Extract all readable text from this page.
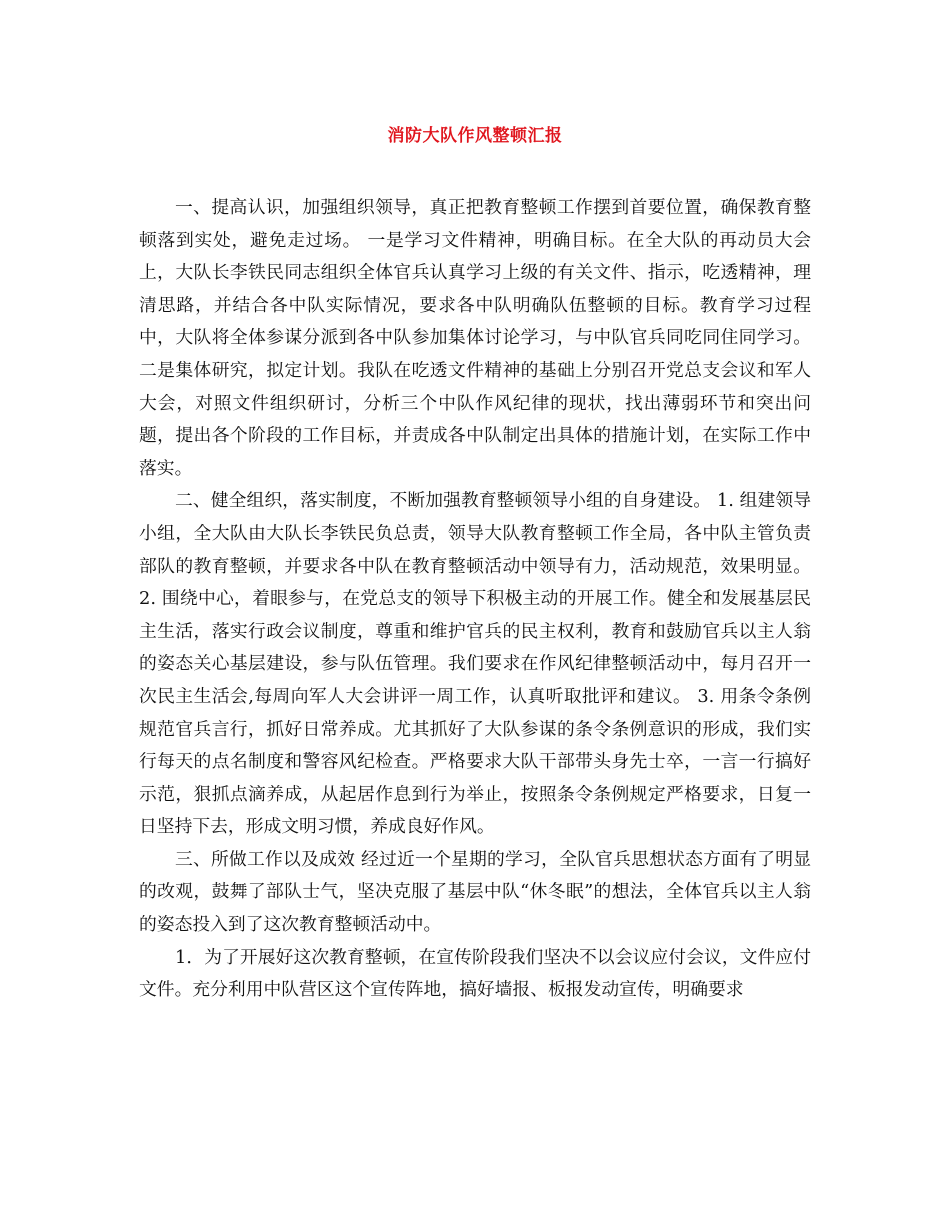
消防大队作风整顿汇报

一、提高认识，加强组织领导，真正把教育整顿工作摆到首要位置，确保教育整顿落到实处，避免走过场。 一是学习文件精神，明确目标。在全大队的再动员大会上，大队长李铁民同志组织全体官兵认真学习上级的有关文件、指示，吃透精神，理清思路，并结合各中队实际情况，要求各中队明确队伍整顿的目标。教育学习过程中，大队将全体参谋分派到各中队参加集体讨论学习，与中队官兵同吃同住同学习。 二是集体研究，拟定计划。我队在吃透文件精神的基础上分别召开党总支会议和军人大会，对照文件组织研讨，分析三个中队作风纪律的现状，找出薄弱环节和突出问题，提出各个阶段的工作目标，并责成各中队制定出具体的措施计划，在实际工作中落实。

二、健全组织，落实制度，不断加强教育整顿领导小组的自身建设。 1. 组建领导小组，全大队由大队长李铁民负总责，领导大队教育整顿工作全局，各中队主管负责部队的教育整顿，并要求各中队在教育整顿活动中领导有力，活动规范，效果明显。 2. 围绕中心，着眼参与，在党总支的领导下积极主动的开展工作。健全和发展基层民主生活，落实行政会议制度，尊重和维护官兵的民主权利，教育和鼓励官兵以主人翁的姿态关心基层建设，参与队伍管理。我们要求在作风纪律整顿活动中，每月召开一次民主生活会,每周向军人大会讲评一周工作，认真听取批评和建议。 3. 用条令条例规范官兵言行，抓好日常养成。尤其抓好了大队参谋的条令条例意识的形成，我们实行每天的点名制度和警容风纪检查。严格要求大队干部带头身先士卒，一言一行搞好示范，狠抓点滴养成，从起居作息到行为举止，按照条令条例规定严格要求，日复一日坚持下去，形成文明习惯，养成良好作风。

三、所做工作以及成效 经过近一个星期的学习，全队官兵思想状态方面有了明显的改观，鼓舞了部队士气，坚决克服了基层中队“休冬眠”的想法，全体官兵以主人翁的姿态投入到了这次教育整顿活动中。

1．为了开展好这次教育整顿，在宣传阶段我们坚决不以会议应付会议，文件应付文件。充分利用中队营区这个宣传阵地，搞好墙报、板报发动宣传，明确要求
